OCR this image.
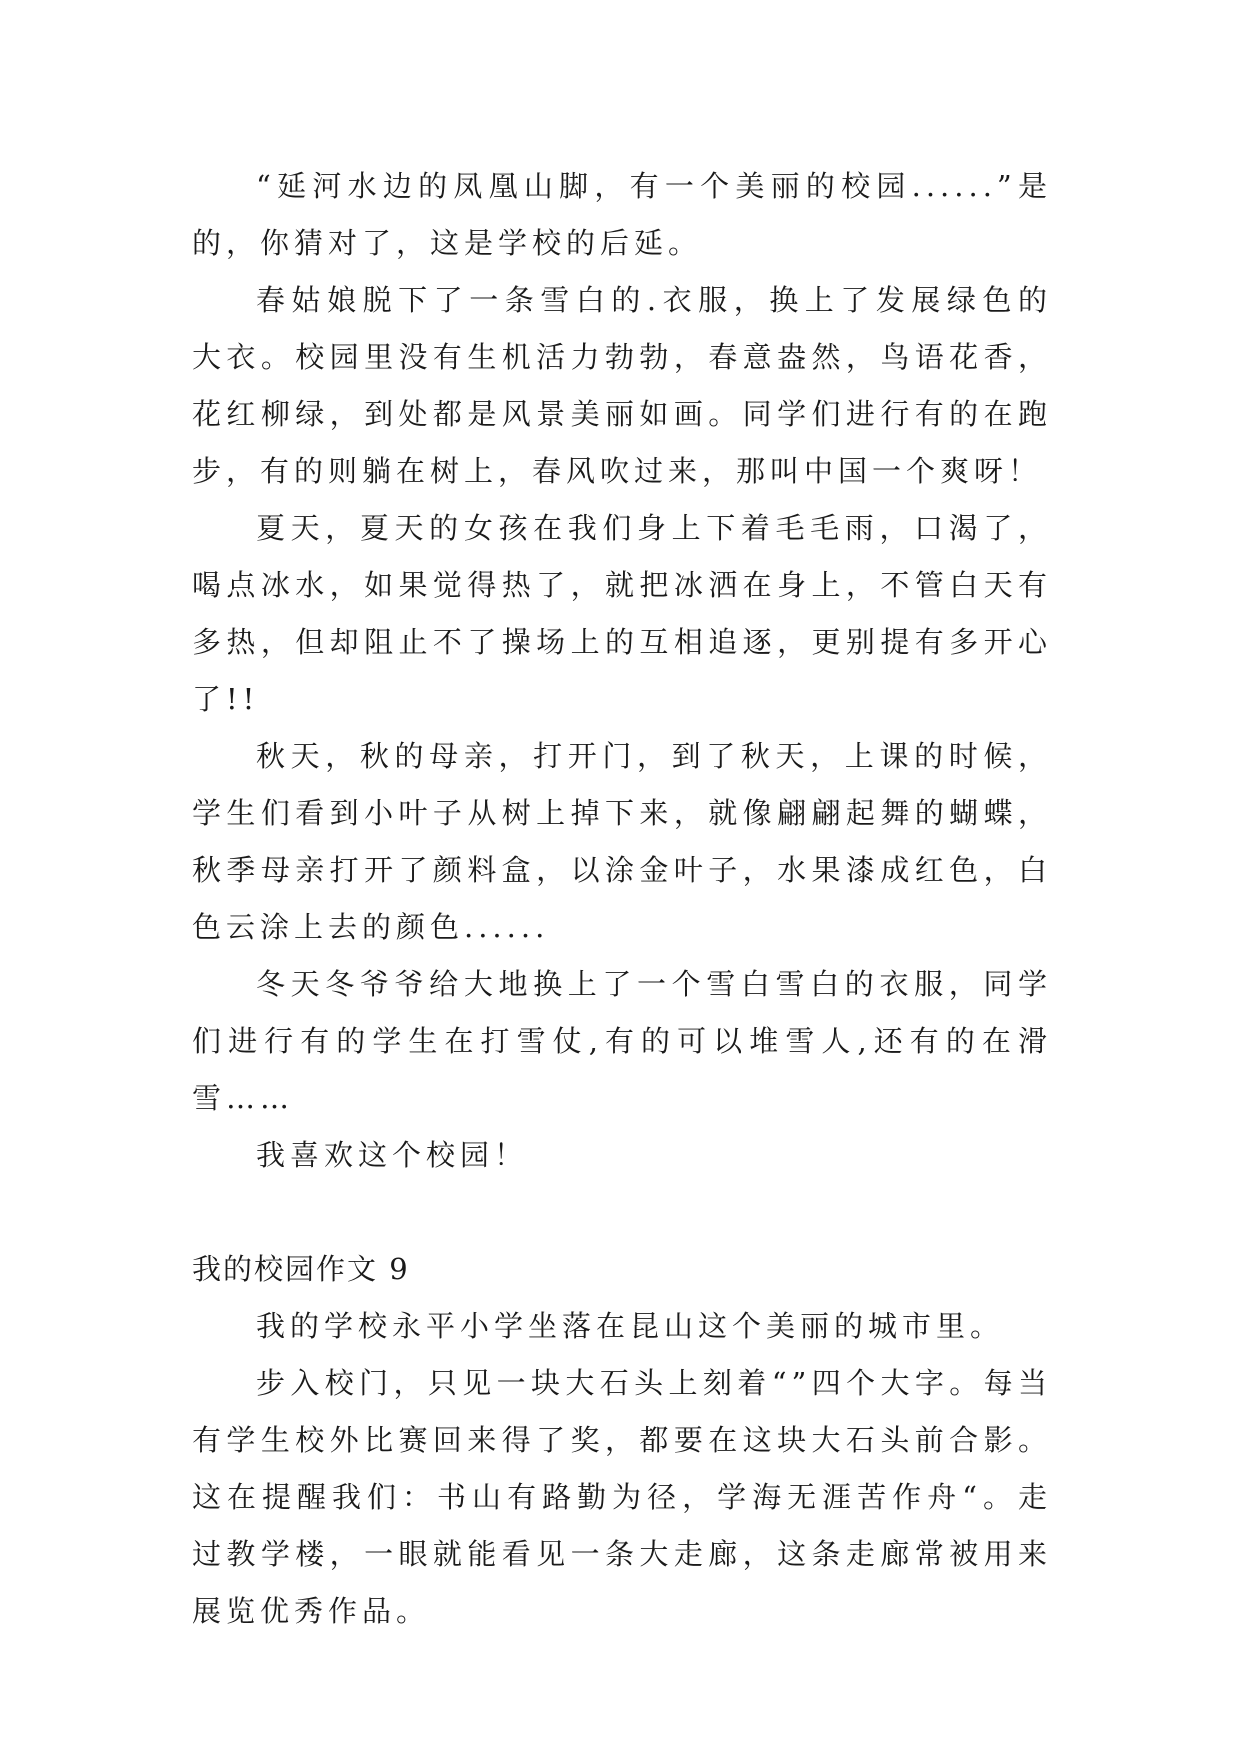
“延河水边的凤凰山脚，有一个美丽的校园......”是的，你猜对了，这是学校的后延。

春姑娘脱下了一条雪白的.衣服，换上了发展绿色的大衣。校园里没有生机活力勃勃，春意盎然，鸟语花香，花红柳绿，到处都是风景美丽如画。同学们进行有的在跑步，有的则躺在树上，春风吹过来，那叫中国一个爽呀！

夏天，夏天的女孩在我们身上下着毛毛雨，口渴了，喝点冰水，如果觉得热了，就把冰洒在身上，不管白天有多热，但却阻止不了操场上的互相追逐，更别提有多开心了!!

秋天，秋的母亲，打开门，到了秋天，上课的时候，学生们看到小叶子从树上掉下来，就像翩翩起舞的蝴蝶，秋季母亲打开了颜料盒，以涂金叶子，水果漆成红色，白色云涂上去的颜色......

冬天冬爷爷给大地换上了一个雪白雪白的衣服，同学们进行有的学生在打雪仗,有的可以堆雪人,还有的在滑雪……

我喜欢这个校园！

我的校园作文 9

我的学校永平小学坐落在昆山这个美丽的城市里。

步入校门，只见一块大石头上刻着“”四个大字。每当有学生校外比赛回来得了奖，都要在这块大石头前合影。这在提醒我们：书山有路勤为径，学海无涯苦作舟“。走过教学楼，一眼就能看见一条大走廊，这条走廊常被用来展览优秀作品。
